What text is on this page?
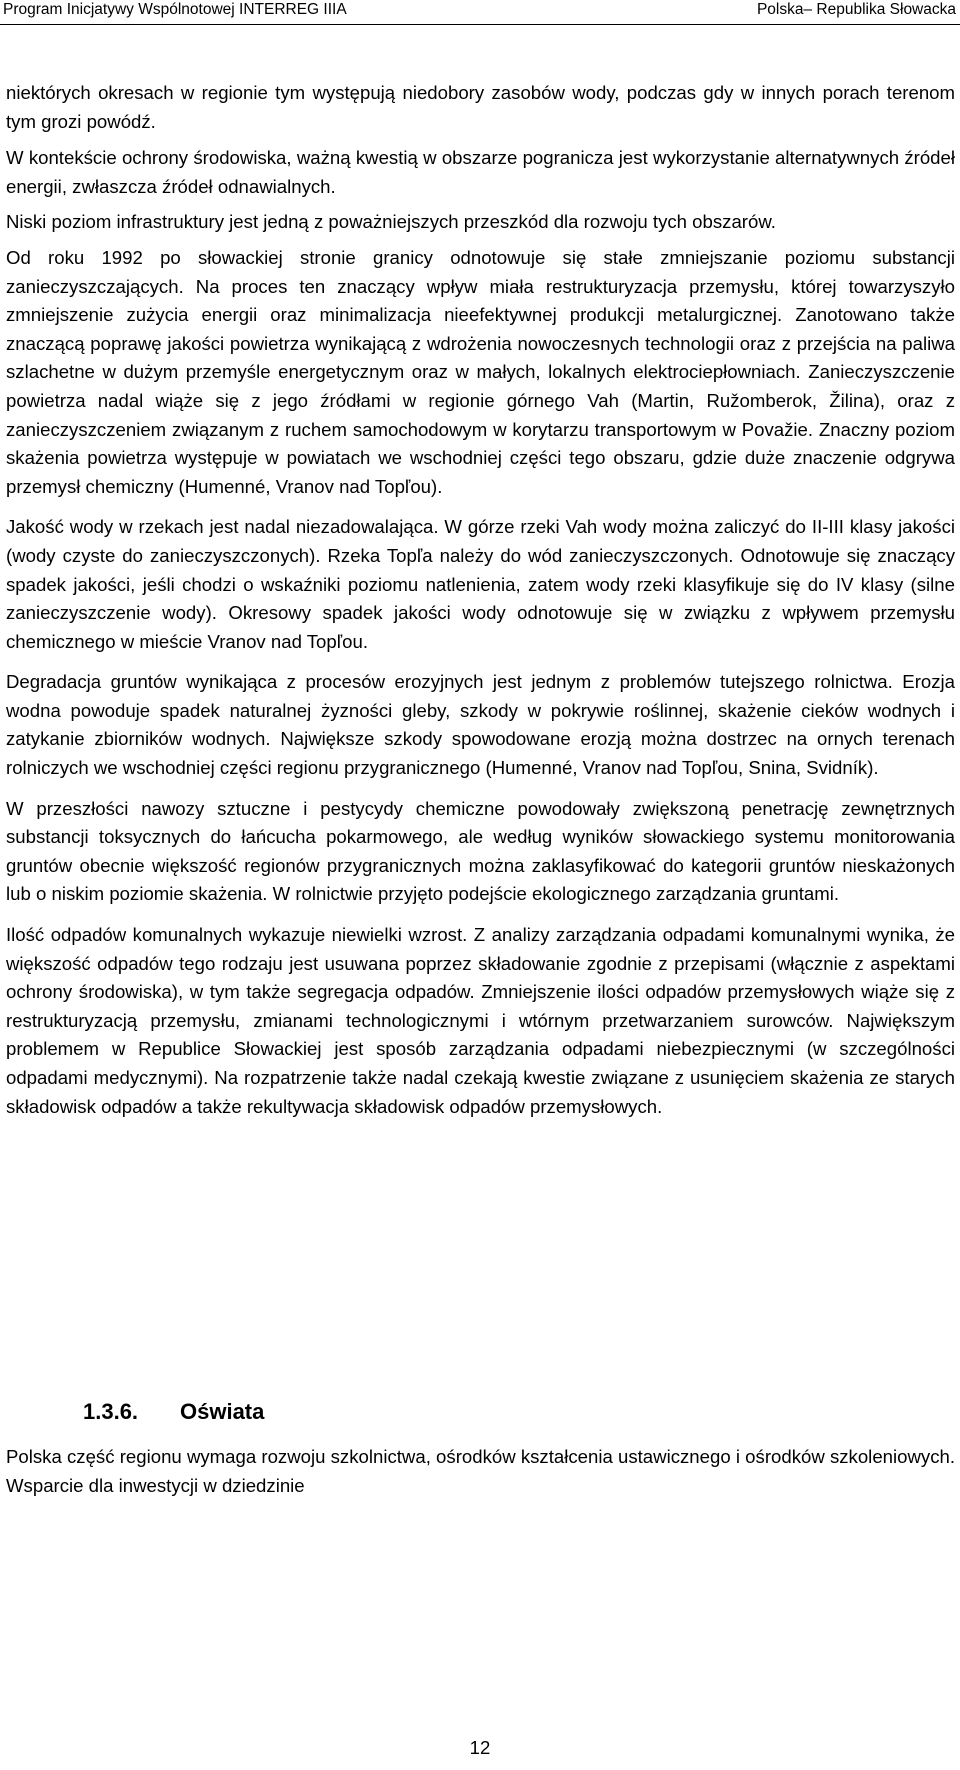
Program Inicjatywy Wspólnotowej INTERREG IIIA	Polska– Republika Słowacka

niektórych okresach w regionie tym występują niedobory zasobów wody, podczas gdy w innych porach terenom tym grozi powódź.

W kontekście ochrony środowiska, ważną kwestią w obszarze pogranicza jest wykorzystanie alternatywnych źródeł energii, zwłaszcza źródeł odnawialnych.

Niski poziom infrastruktury jest jedną z poważniejszych przeszkód dla rozwoju tych obszarów.

Od roku 1992 po słowackiej stronie granicy odnotowuje się stałe zmniejszanie poziomu substancji zanieczyszczających. Na proces ten znaczący wpływ miała restrukturyzacja przemysłu, której towarzyszyło zmniejszenie zużycia energii oraz minimalizacja nieefektywnej produkcji metalurgicznej. Zanotowano także znaczącą poprawę jakości powietrza wynikającą z wdrożenia nowoczesnych technologii oraz z przejścia na paliwa szlachetne w dużym przemyśle energetycznym oraz w małych, lokalnych elektrociepłowniach. Zanieczyszczenie powietrza nadal wiąże się z jego źródłami w regionie górnego Vah (Martin, Ružomberok, Žilina), oraz z zanieczyszczeniem związanym z ruchem samochodowym w korytarzu transportowym w Považie. Znaczny poziom skażenia powietrza występuje w powiatach we wschodniej części tego obszaru, gdzie duże znaczenie odgrywa przemysł chemiczny (Humenné, Vranov nad Topľou).

Jakość wody w rzekach jest nadal niezadowalająca. W górze rzeki Vah wody można zaliczyć do II-III klasy jakości (wody czyste do zanieczyszczonych). Rzeka Topľa należy do wód zanieczyszczonych. Odnotowuje się znaczący spadek jakości, jeśli chodzi o wskaźniki poziomu natlenienia, zatem wody rzeki klasyfikuje się do IV klasy (silne zanieczyszczenie wody). Okresowy spadek jakości wody odnotowuje się w związku z wpływem przemysłu chemicznego w mieście Vranov nad Topľou.

Degradacja gruntów wynikająca z procesów erozyjnych jest jednym z problemów tutejszego rolnictwa. Erozja wodna powoduje spadek naturalnej żyzności gleby, szkody w pokrywie roślinnej, skażenie cieków wodnych i zatykanie zbiorników wodnych. Największe szkody spowodowane erozją można dostrzec na ornych terenach rolniczych we wschodniej części regionu przygranicznego (Humenné, Vranov nad Topľou, Snina, Svidník).

W przeszłości nawozy sztuczne i pestycydy chemiczne powodowały zwiększoną penetrację zewnętrznych substancji toksycznych do łańcucha pokarmowego, ale według wyników słowackiego systemu monitorowania gruntów obecnie większość regionów przygranicznych można zaklasyfikować do kategorii gruntów nieskażonych lub o niskim poziomie skażenia. W rolnictwie przyjęto podejście ekologicznego zarządzania gruntami.

Ilość odpadów komunalnych wykazuje niewielki wzrost. Z analizy zarządzania odpadami komunalnymi wynika, że większość odpadów tego rodzaju jest usuwana poprzez składowanie zgodnie z przepisami (włącznie z aspektami ochrony środowiska), w tym także segregacja odpadów. Zmniejszenie ilości odpadów przemysłowych wiąże się z restrukturyzacją przemysłu, zmianami technologicznymi i wtórnym przetwarzaniem surowców. Największym problemem w Republice Słowackiej jest sposób zarządzania odpadami niebezpiecznymi (w szczególności odpadami medycznymi). Na rozpatrzenie także nadal czekają kwestie związane z usunięciem skażenia ze starych składowisk odpadów a także rekultywacja składowisk odpadów przemysłowych.

1.3.6. Oświata

Polska część regionu wymaga rozwoju szkolnictwa, ośrodków kształcenia ustawicznego i ośrodków szkoleniowych. Wsparcie dla inwestycji w dziedzinie

12
